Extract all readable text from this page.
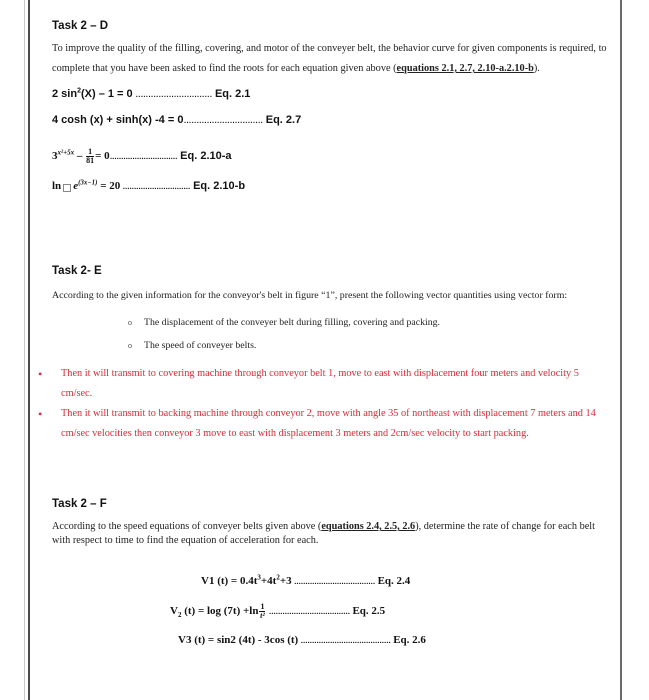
Task 2 – D
To improve the quality of the filling, covering, and motor of the conveyer belt, the behavior curve for given components is required, to complete that you have been asked to find the roots for each equation given above (equations 2.1, 2.7, 2.10-a.2.10-b).
2 $\sin^2(X) - 1 = 0$ .............................. Eq. 2.1
4 cosh (x) + sinh(x) -4 = 0............................... Eq. 2.7
$3^{x^2+5x} - \frac{1}{81} = 0$.............................. Eq. 2.10-a
$\ln e^{(3x-1)} = 20$ .............................. Eq. 2.10-b
Task 2- E
According to the given information for the conveyor's belt in figure “1”, present the following vector quantities using vector form:
o The displacement of the conveyer belt during filling, covering and packing.
o The speed of conveyer belts.
• Then it will transmit to covering machine through conveyor belt 1, move to east with displacement four meters and velocity 5 cm/sec.
• Then it will transmit to backing machine through conveyor 2, move with angle 35 of northeast with displacement 7 meters and 14 cm/sec velocities then conveyor 3 move to east with displacement 3 meters and 2cm/sec velocity to start packing.
Task 2 – F
According to the speed equations of conveyer belts given above (equations 2.4, 2.5, 2.6), determine the rate of change for each belt with respect to time to find the equation of acceleration for each.
V1 $(t) = 0.4t^3+4t^2+3$ .................................... Eq. 2.4
$V_2$ $(t) = \log (7t) +\ln \frac{1}{\text{t²}}$ .................................... Eq. 2.5
V3 (t) = sin2 (4t) - 3cos (t) ........................................ Eq. 2.6
